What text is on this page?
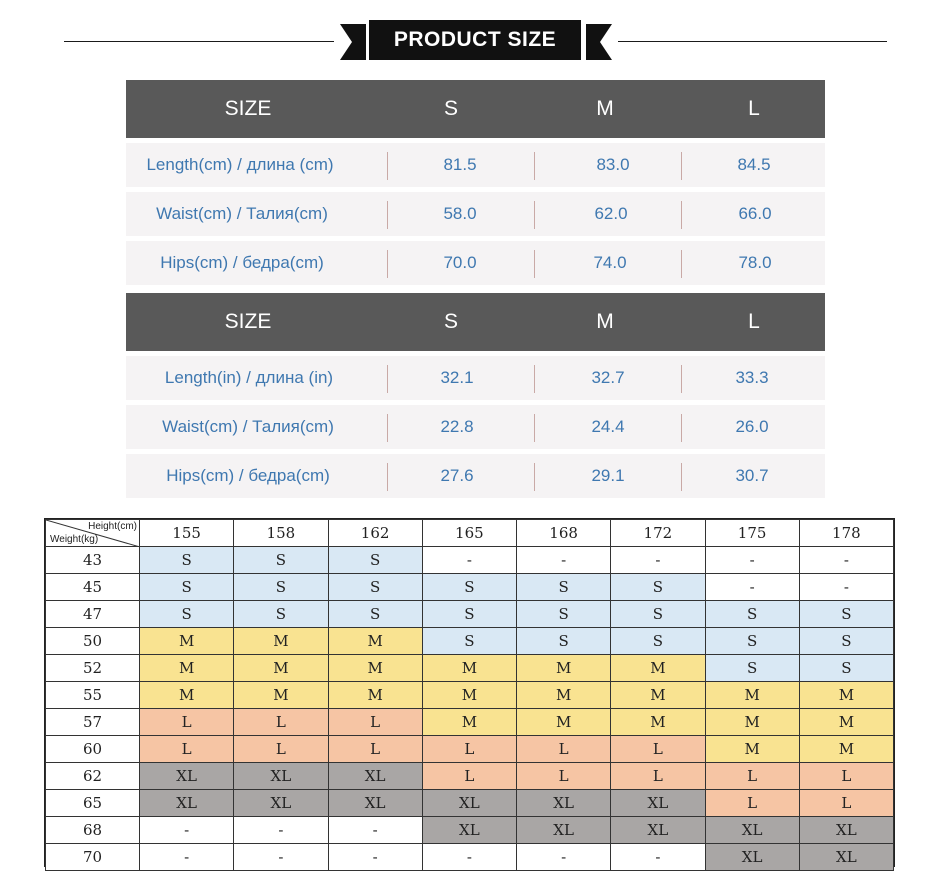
PRODUCT SIZE
SIZE	S	M	L
Length(cm) / длина (cm)	81.5	83.0	84.5
Waist(cm) / Талия(cm)	58.0	62.0	66.0
Hips(cm) / бедра(cm)	70.0	74.0	78.0
SIZE	S	M	L
Length(in) / длина (in)	32.1	32.7	33.3
Waist(cm) / Талия(cm)	22.8	24.4	26.0
Hips(cm) / бедра(cm)	27.6	29.1	30.7
Height(cm)
Weight(kg)	155	158	162	165	168	172	175	178
43	S	S	S	-	-	-	-	-
45	S	S	S	S	S	S	-	-
47	S	S	S	S	S	S	S	S
50	M	M	M	S	S	S	S	S
52	M	M	M	M	M	M	S	S
55	M	M	M	M	M	M	M	M
57	L	L	L	M	M	M	M	M
60	L	L	L	L	L	L	M	M
62	XL	XL	XL	L	L	L	L	L
65	XL	XL	XL	XL	XL	XL	L	L
68	-	-	-	XL	XL	XL	XL	XL
70	-	-	-	-	-	-	XL	XL
